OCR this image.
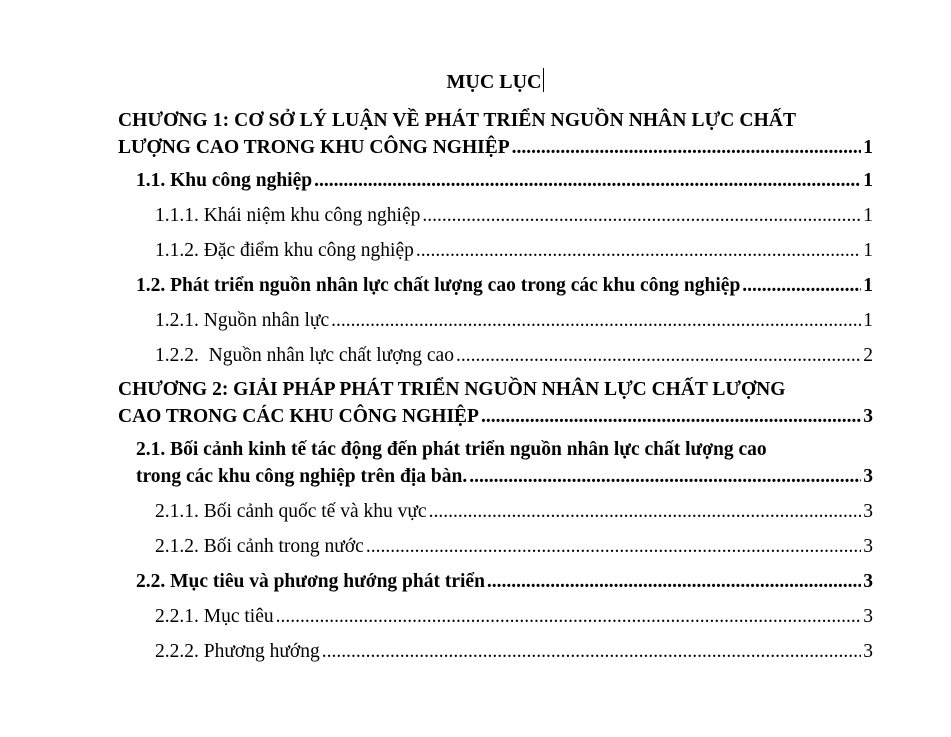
MỤC LỤC
CHƯƠNG 1: CƠ SỞ LÝ LUẬN VỀ PHÁT TRIỂN NGUỒN NHÂN LỰC CHẤT
LƯỢNG CAO TRONG KHU CÔNG NGHIỆP .....	1
1.1. Khu công nghiệp .....	1
1.1.1. Khái niệm khu công nghiệp .....	1
1.1.2. Đặc điểm khu công nghiệp .....	1
1.2. Phát triển nguồn nhân lực chất lượng cao trong các khu công nghiệp .....	1
1.2.1. Nguồn nhân lực .....	1
1.2.2.  Nguồn nhân lực chất lượng cao .....	2
CHƯƠNG 2: GIẢI PHÁP PHÁT TRIỂN NGUỒN NHÂN LỰC CHẤT LƯỢNG
CAO TRONG CÁC KHU CÔNG NGHIỆP .....	3
2.1. Bối cảnh kinh tế tác động đến phát triển nguồn nhân lực chất lượng cao
trong các khu công nghiệp trên địa bàn. .....	3
2.1.1. Bối cảnh quốc tế và khu vực .....	3
2.1.2. Bối cảnh trong nước .....	3
2.2. Mục tiêu và phương hướng phát triển .....	3
2.2.1. Mục tiêu .....	3
2.2.2. Phương hướng .....	3
